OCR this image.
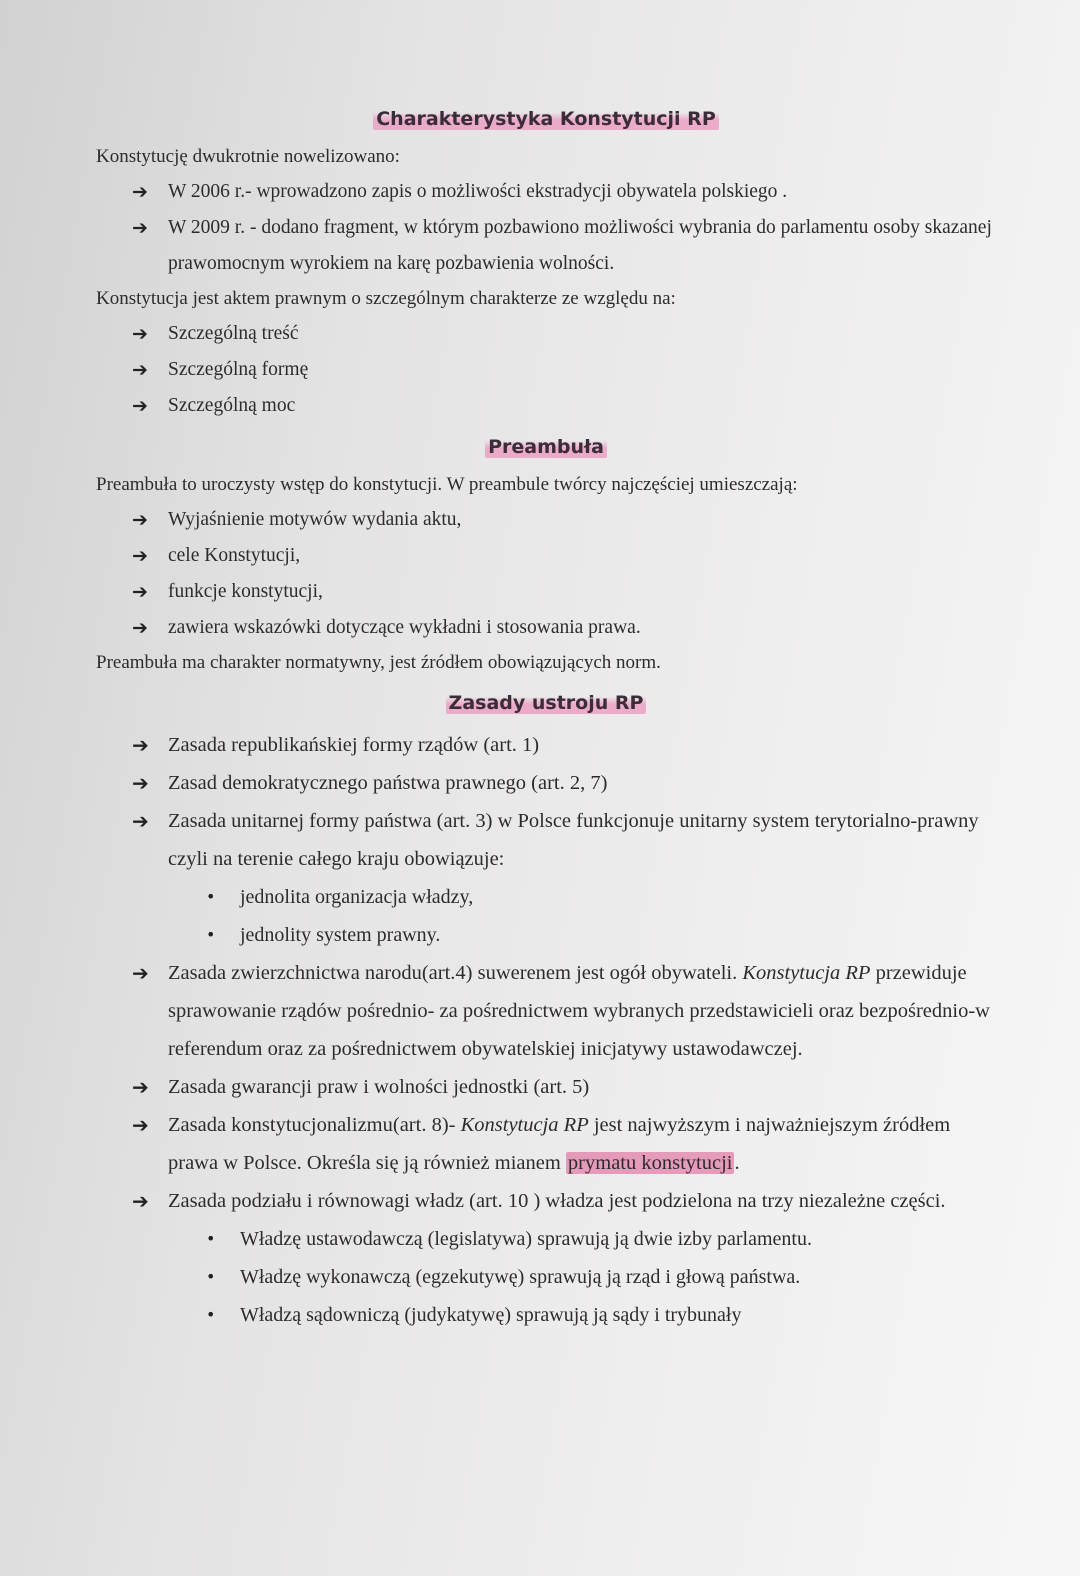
Charakterystyka Konstytucji RP

Konstytucję dwukrotnie nowelizowano:

➔ W 2006 r.- wprowadzono zapis o możliwości ekstradycji obywatela polskiego .
➔ W 2009 r. - dodano fragment, w którym pozbawiono możliwości wybrania do parlamentu osoby skazanej prawomocnym wyrokiem na karę pozbawienia wolności.

Konstytucja jest aktem prawnym o szczególnym charakterze ze względu na:

➔ Szczególną treść
➔ Szczególną formę
➔ Szczególną moc
Preambuła

Preambuła to uroczysty wstęp do konstytucji. W preambule twórcy najczęściej umieszczają:

➔ Wyjaśnienie motywów wydania aktu,
➔ cele Konstytucji,
➔ funkcje konstytucji,
➔ zawiera wskazówki dotyczące wykładni i stosowania prawa.

Preambuła ma charakter normatywny, jest źródłem obowiązujących norm.

Zasady ustroju RP
➔ Zasada republikańskiej formy rządów (art. 1)
➔ Zasad demokratycznego państwa prawnego (art. 2, 7)
➔ Zasada unitarnej formy państwa (art. 3) w Polsce funkcjonuje unitarny system terytorialno-prawny czyli na terenie całego kraju obowiązuje:
• jednolita organizacja władzy,
• jednolity system prawny.
➔ Zasada zwierzchnictwa narodu(art.4) suwerenem jest ogół obywateli. Konstytucja RP przewiduje sprawowanie rządów pośrednio- za pośrednictwem wybranych przedstawicieli oraz bezpośrednio-w referendum oraz za pośrednictwem obywatelskiej inicjatywy ustawodawczej.
➔ Zasada gwarancji praw i wolności jednostki (art. 5)
➔ Zasada konstytucjonalizmu(art. 8)- Konstytucja RP jest najwyższym i najważniejszym źródłem prawa w Polsce. Określa się ją również mianem prymatu konstytucji.
➔ Zasada podziału i równowagi władz (art. 10 ) władza jest podzielona na trzy niezależne części.
• Władzę ustawodawczą (legislatywa) sprawują ją dwie izby parlamentu.
• Władzę wykonawczą (egzekutywę) sprawują ją rząd i głową państwa.
• Władzą sądowniczą (judykatywę) sprawują ją sądy i trybunały
